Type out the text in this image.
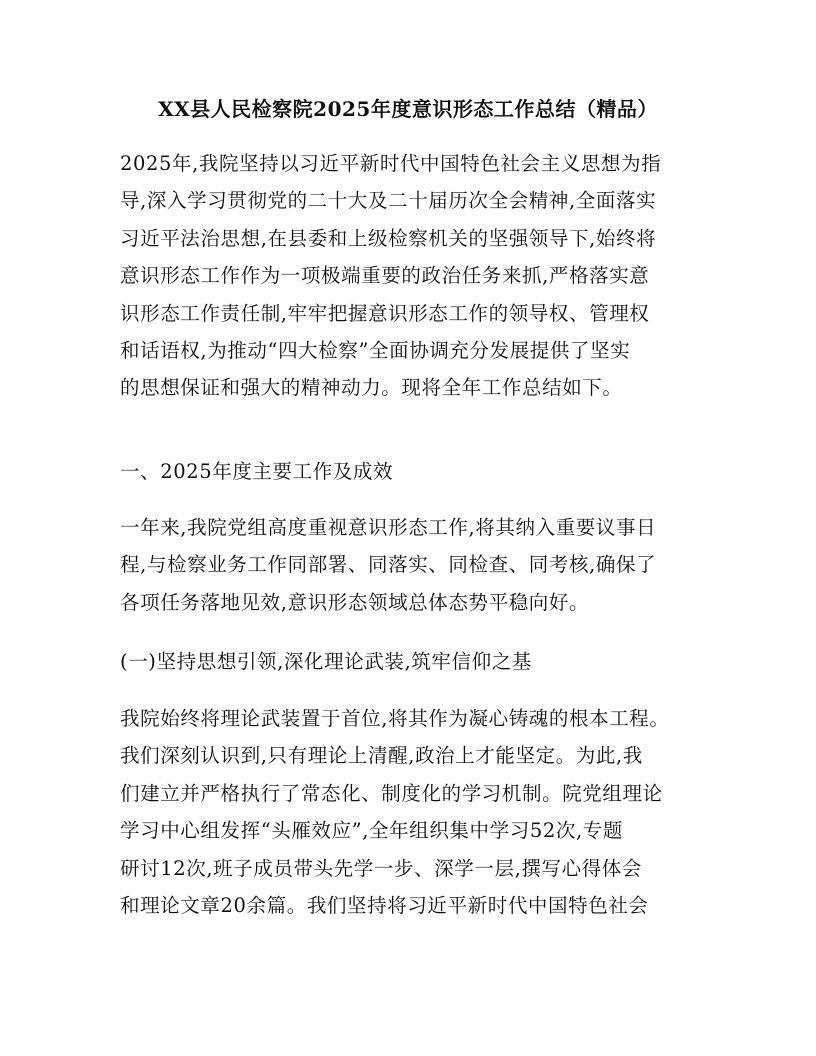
XX县人民检察院2025年度意识形态工作总结（精品）
2025年,我院坚持以习近平新时代中国特色社会主义思想为指
导,深入学习贯彻党的二十大及二十届历次全会精神,全面落实
习近平法治思想,在县委和上级检察机关的坚强领导下,始终将
意识形态工作作为一项极端重要的政治任务来抓,严格落实意
识形态工作责任制,牢牢把握意识形态工作的领导权、管理权
和话语权,为推动“四大检察”全面协调充分发展提供了坚实
的思想保证和强大的精神动力。现将全年工作总结如下。
一、2025年度主要工作及成效
一年来,我院党组高度重视意识形态工作,将其纳入重要议事日
程,与检察业务工作同部署、同落实、同检查、同考核,确保了
各项任务落地见效,意识形态领域总体态势平稳向好。
(一)坚持思想引领,深化理论武装,筑牢信仰之基
我院始终将理论武装置于首位,将其作为凝心铸魂的根本工程。
我们深刻认识到,只有理论上清醒,政治上才能坚定。为此,我
们建立并严格执行了常态化、制度化的学习机制。院党组理论
学习中心组发挥“头雁效应”,全年组织集中学习52次,专题
研讨12次,班子成员带头先学一步、深学一层,撰写心得体会
和理论文章20余篇。我们坚持将习近平新时代中国特色社会
